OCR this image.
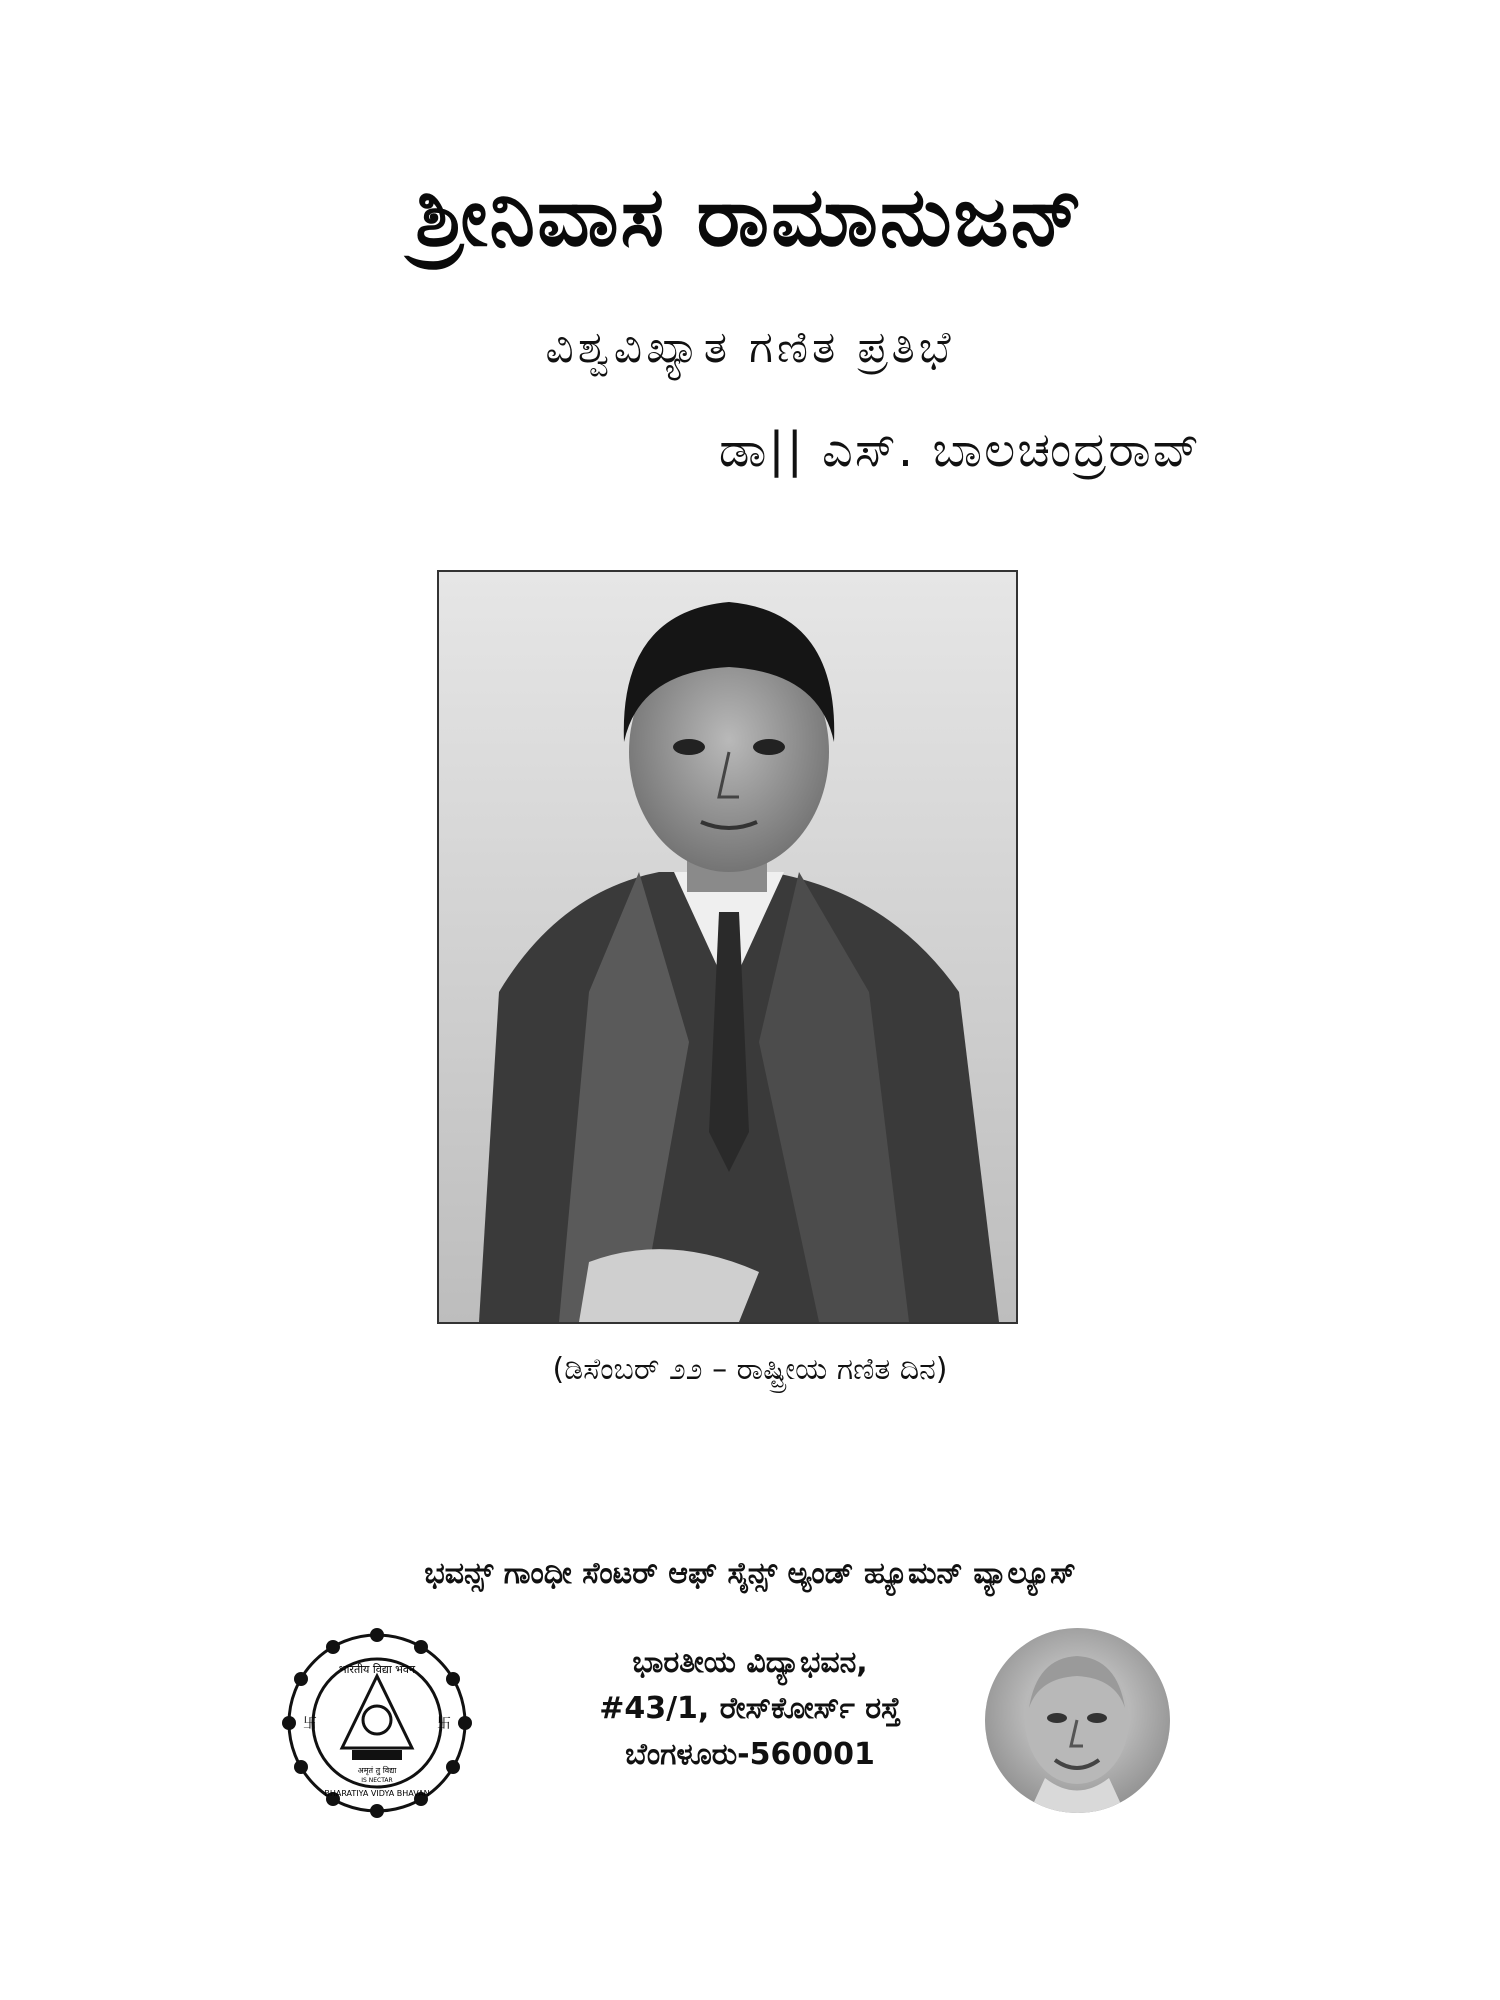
ಶ್ರೀನಿವಾಸ ರಾಮಾನುಜನ್
ವಿಶ್ವವಿಖ್ಯಾತ ಗಣಿತ ಪ್ರತಿಭೆ
ಡಾ|| ಎಸ್. ಬಾಲಚಂದ್ರರಾವ್
(ಡಿಸೆಂಬರ್ ೨೨ – ರಾಷ್ಟ್ರೀಯ ಗಣಿತ ದಿನ)
ಭವನ್ಸ್ ಗಾಂಧೀ ಸೆಂಟರ್ ಆಫ್ ಸೈನ್ಸ್ ಅ್ಯಂಡ್ ಹ್ಯೂಮನ್ ವ್ಯಾಲ್ಯೂಸ್
भारतीय विद्या भवन
अमृतं तु विद्या
IS NECTAR
BHARATIYA VIDYA BHAVAN
卐	卐
ಭಾರತೀಯ ವಿದ್ಯಾಭವನ,
#43/1, ರೇಸ್‌ಕೋರ್ಸ್ ರಸ್ತೆ
ಬೆಂಗಳೂರು-560001
